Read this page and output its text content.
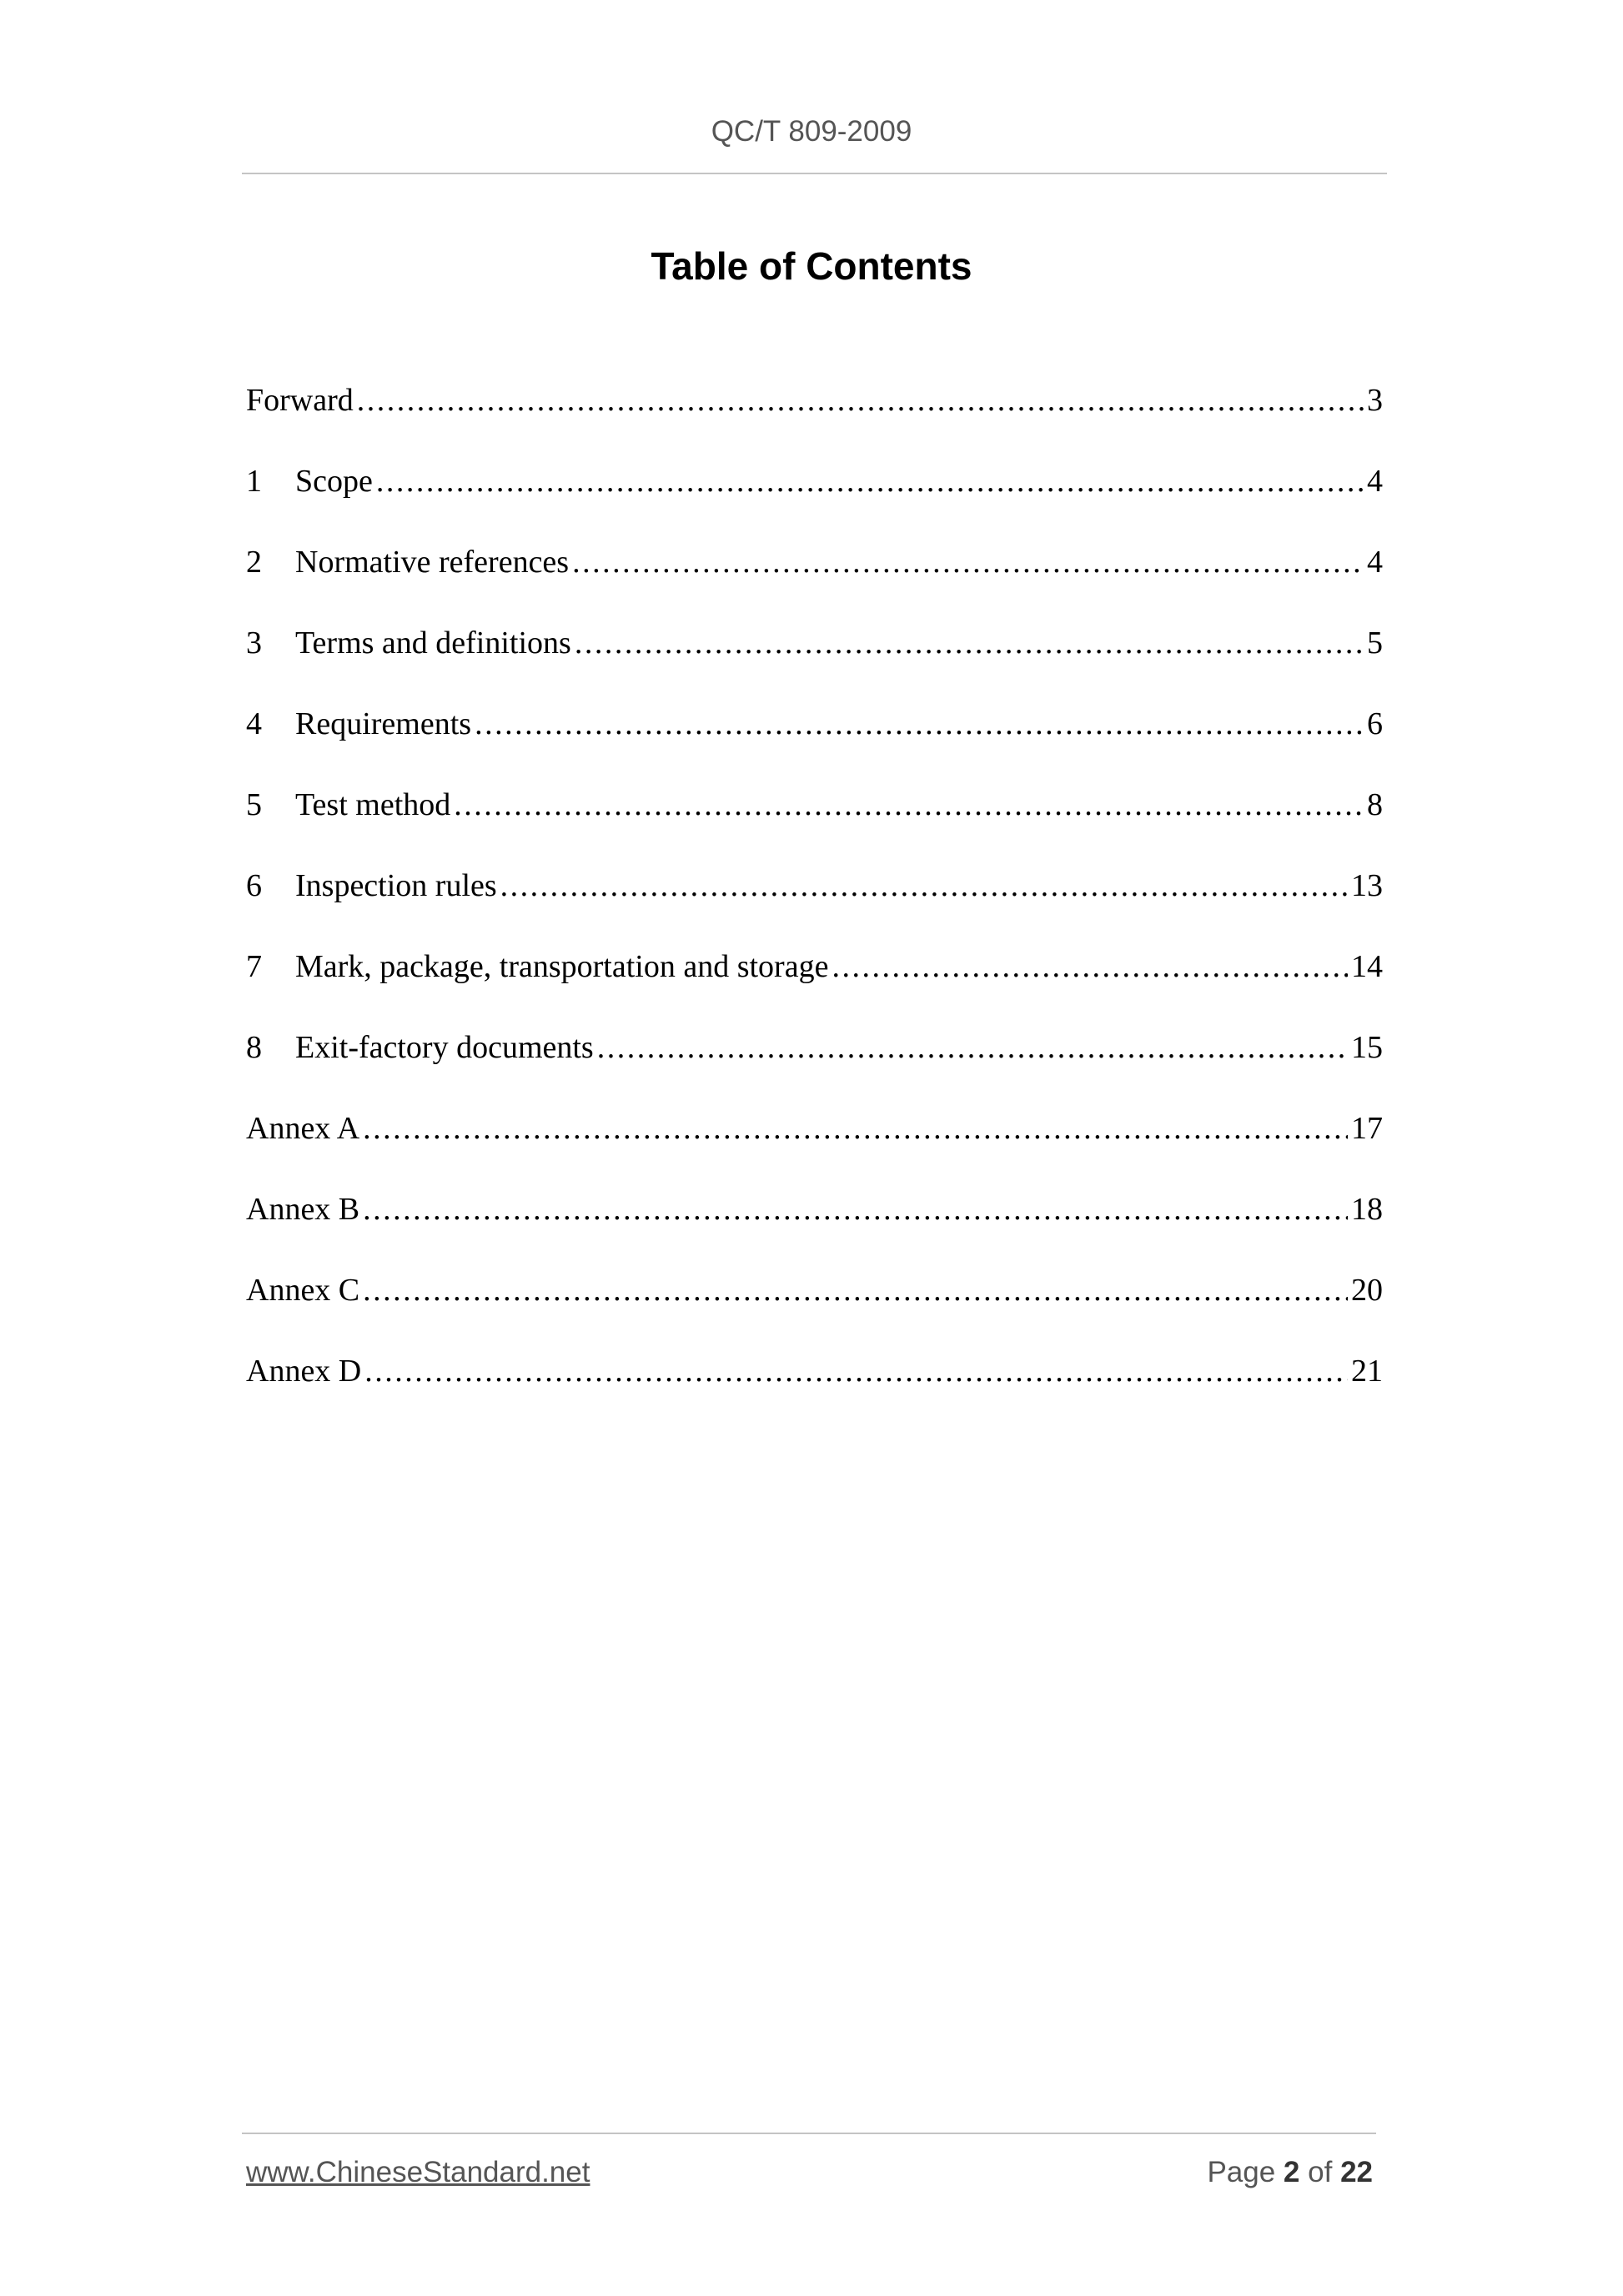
QC/T 809-2009
Table of Contents
Forward .....	3
1	Scope .....	4
2	Normative references .....	4
3	Terms and definitions .....	5
4	Requirements .....	6
5	Test method .....	8
6	Inspection rules .....	13
7	Mark, package, transportation and storage .....	14
8	Exit-factory documents .....	15
Annex A .....	17
Annex B .....	18
Annex C .....	20
Annex D .....	21
www.ChineseStandard.net	Page 2 of 22
